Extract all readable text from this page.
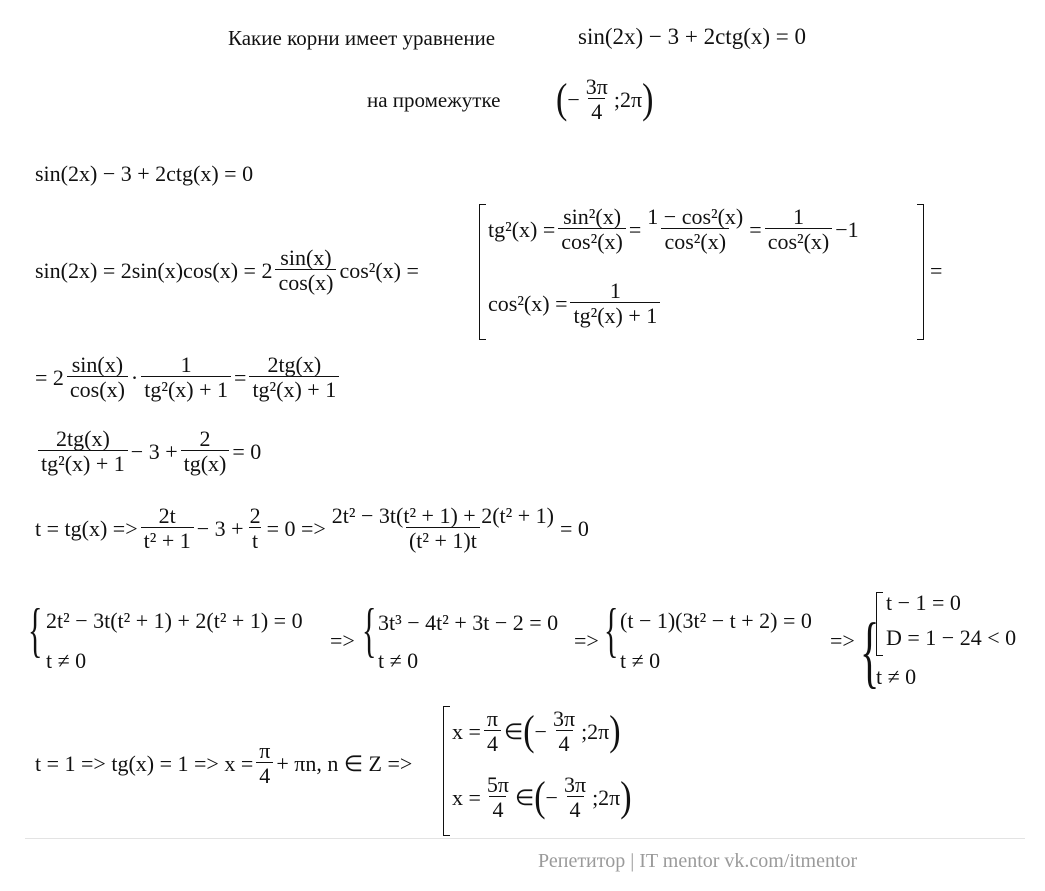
Какие корни имеет уравнение	sin(2x) − 3 + 2ctg(x) = 0
на промежутке ( − $\frac{3\pi}{4}$ ;2π )
sin(2x) − 3 + 2ctg(x) = 0
$\sin(2x) = 2\sin(x)\cos(x) = 2 \frac{\sin(x)}{\cos(x)} \cos^2(x)$ =
$tg^2(x) = \frac{\text{sin²(x)}}{\text{cos²(x)}} = \frac{\text{1 − cos²(x)}}{\text{cos²(x)}} = \frac{1}{\text{cos²(x)}} -1$
$\cos^2(x) = \frac{1}{\text{tg²(x) + 1}}$
=
= $2 \frac{\sin(x)}{\cos(x)} \cdot \frac{1}{\text{tg²(x) + 1}} = \frac{2tg(x)}{\text{tg²(x) + 1}}$
$\frac{2tg(x)}{\text{tg²(x) + 1}} - 3 + \frac{2}{tg(x)} = 0$
$t = tg(x) => \frac{2t}{\text{t² + 1}} - 3 + \frac{2}{t} = 0 => \frac{\text{2t² − 3t(t² + 1) + 2(t² + 1)}}{\text{(t² + 1)t}} = 0$
{ 2t² − 3t(t² + 1) + 2(t² + 1) = 0
t ≠ 0
=> { 3t³ − 4t² + 3t − 2 = 0
t ≠ 0
=> { (t − 1)(3t² − t + 2) = 0
t ≠ 0
=> {
t − 1 = 0
D = 1 − 24 < 0
t ≠ 0
$t = 1 => tg(x) = 1 => x = \frac{\pi}{4} + \pi n$, n ∈ Z =>
$x = \frac{\pi}{4}$ ∈ ( − $\frac{3\pi}{4}$ ;2π )
$x = \frac{5\pi}{4}$ ∈ ( − $\frac{3\pi}{4}$ ;2π )
Репетитор | IT mentor vk.com/itmentor
